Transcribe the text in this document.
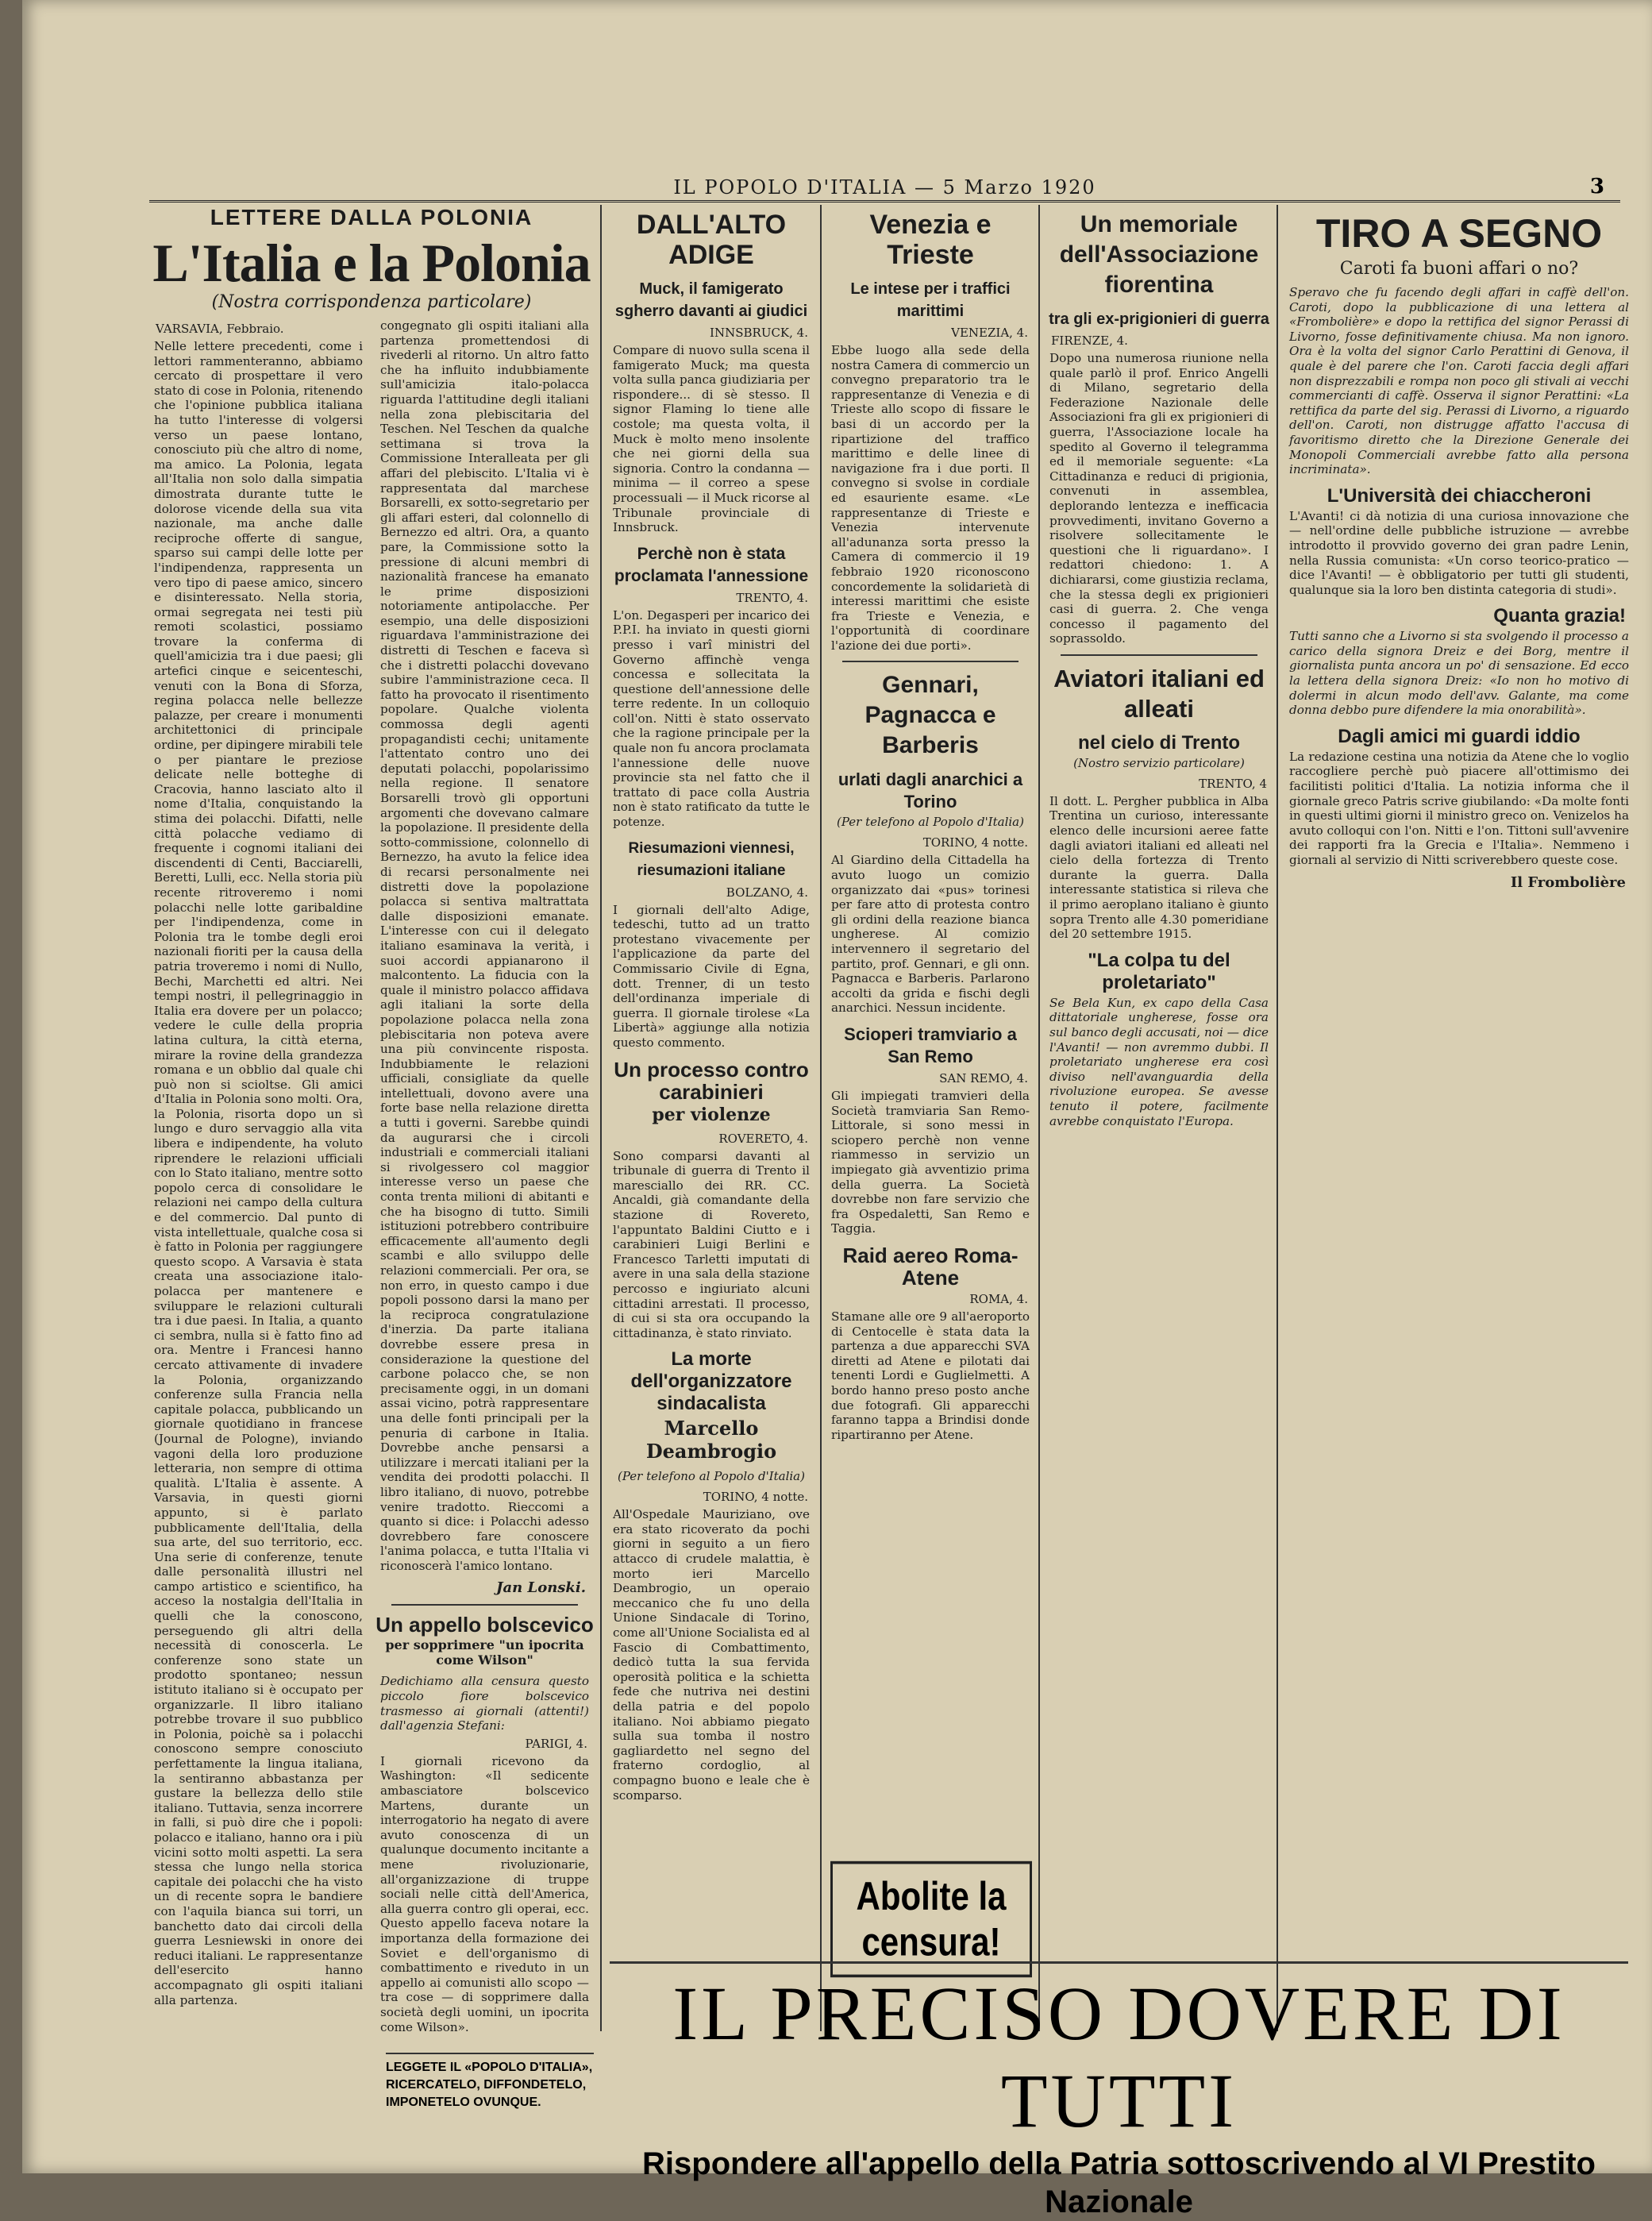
IL POPOLO D'ITALIA — 5 Marzo 1920	3
LETTERE DALLA POLONIA
L'Italia e la Polonia
(Nostra corrispondenza particolare)
VARSAVIA, Febbraio.
Nelle lettere precedenti, come i lettori rammenteranno, abbiamo cercato di prospettare il vero stato di cose in Polonia, ritenendo che l'opinione pubblica italiana ha tutto l'interesse di volgersi verso un paese lontano, conosciuto più che altro di nome, ma amico. La Polonia, legata all'Italia non solo dalla simpatia dimostrata durante tutte le dolorose vicende della sua vita nazionale, ma anche dalle reciproche offerte di sangue, sparso sui campi delle lotte per l'indipendenza, rappresenta un vero tipo di paese amico, sincero e disinteressato. Nella storia, ormai segregata nei testi più remoti scolastici, possiamo trovare la conferma di quell'amicizia tra i due paesi; gli artefici cinque e seicenteschi, venuti con la Bona di Sforza, regina polacca nelle bellezze palazze, per creare i monumenti architettonici di principale ordine, per dipingere mirabili tele o per piantare le preziose delicate nelle botteghe di Cracovia, hanno lasciato alto il nome d'Italia, conquistando la stima dei polacchi. Difatti, nelle città polacche vediamo di frequente i cognomi italiani dei discendenti di Centi, Bacciarelli, Beretti, Lulli, ecc. Nella storia più recente ritroveremo i nomi polacchi nelle lotte garibaldine per l'indipendenza, come in Polonia tra le tombe degli eroi nazionali fioriti per la causa della patria troveremo i nomi di Nullo, Bechi, Marchetti ed altri. Nei tempi nostri, il pellegrinaggio in Italia era dovere per un polacco; vedere le culle della propria latina cultura, la città eterna, mirare la rovine della grandezza romana e un obblio dal quale chi può non si scioltse. Gli amici d'Italia in Polonia sono molti. Ora, la Polonia, risorta dopo un sì lungo e duro servaggio alla vita libera e indipendente, ha voluto riprendere le relazioni ufficiali con lo Stato italiano, mentre sotto popolo cerca di consolidare le relazioni nei campo della cultura e del commercio. Dal punto di vista intellettuale, qualche cosa si è fatto in Polonia per raggiungere questo scopo. A Varsavia è stata creata una associazione italo-polacca per mantenere e sviluppare le relazioni culturali tra i due paesi. In Italia, a quanto ci sembra, nulla si è fatto fino ad ora. Mentre i Francesi hanno cercato attivamente di invadere la Polonia, organizzando conferenze sulla Francia nella capitale polacca, pubblicando un giornale quotidiano in francese (Journal de Pologne), inviando vagoni della loro produzione letteraria, non sempre di ottima qualità. L'Italia è assente. A Varsavia, in questi giorni appunto, si è parlato pubblicamente dell'Italia, della sua arte, del suo territorio, ecc. Una serie di conferenze, tenute dalle personalità illustri nel campo artistico e scientifico, ha acceso la nostalgia dell'Italia in quelli che la conoscono, perseguendo gli altri della necessità di conoscerla. Le conferenze sono state un prodotto spontaneo; nessun istituto italiano si è occupato per organizzarle. Il libro italiano potrebbe trovare il suo pubblico in Polonia, poichè sa i polacchi conoscono sempre conosciuto perfettamente la lingua italiana, la sentiranno abbastanza per gustare la bellezza dello stile italiano. Tuttavia, senza incorrere in falli, si può dire che i popoli: polacco e italiano, hanno ora i più vicini sotto molti aspetti. La sera stessa che lungo nella storica capitale dei polacchi che ha visto un di recente sopra le bandiere con l'aquila bianca sui torri, un banchetto dato dai circoli della guerra Lesniewski in onore dei reduci italiani. Le rappresentanze dell'esercito hanno accompagnato gli ospiti italiani alla partenza.
congegnato gli ospiti italiani alla partenza promettendosi di rivederli al ritorno. Un altro fatto che ha influito indubbiamente sull'amicizia italo-polacca riguarda l'attitudine degli italiani nella zona plebiscitaria del Teschen. Nel Teschen da qualche settimana si trova la Commissione Interalleata per gli affari del plebiscito. L'Italia vi è rappresentata dal marchese Borsarelli, ex sotto-segretario per gli affari esteri, dal colonnello di Bernezzo ed altri. Ora, a quanto pare, la Commissione sotto la pressione di alcuni membri di nazionalità francese ha emanato le prime disposizioni notoriamente antipolacche. Per esempio, una delle disposizioni riguardava l'amministrazione dei distretti di Teschen e faceva sì che i distretti polacchi dovevano subire l'amministrazione ceca. Il fatto ha provocato il risentimento popolare. Qualche violenta commossa degli agenti propagandisti cechi; unitamente l'attentato contro uno dei deputati polacchi, popolarissimo nella regione. Il senatore Borsarelli trovò gli opportuni argomenti che dovevano calmare la popolazione. Il presidente della sotto-commissione, colonnello di Bernezzo, ha avuto la felice idea di recarsi personalmente nei distretti dove la popolazione polacca si sentiva maltrattata dalle disposizioni emanate. L'interesse con cui il delegato italiano esaminava la verità, i suoi accordi appianarono il malcontento. La fiducia con la quale il ministro polacco affidava agli italiani la sorte della popolazione polacca nella zona plebiscitaria non poteva avere una più convincente risposta. Indubbiamente le relazioni ufficiali, consigliate da quelle intellettuali, dovono avere una forte base nella relazione diretta a tutti i governi. Sarebbe quindi da augurarsi che i circoli industriali e commerciali italiani si rivolgessero col maggior interesse verso un paese che conta trenta milioni di abitanti e che ha bisogno di tutto. Simili istituzioni potrebbero contribuire efficacemente all'aumento degli scambi e allo sviluppo delle relazioni commerciali. Per ora, se non erro, in questo campo i due popoli possono darsi la mano per la reciproca congratulazione d'inerzia. Da parte italiana dovrebbe essere presa in considerazione la questione del carbone polacco che, se non precisamente oggi, in un domani assai vicino, potrà rappresentare una delle fonti principali per la penuria di carbone in Italia. Dovrebbe anche pensarsi a utilizzare i mercati italiani per la vendita dei prodotti polacchi. Il libro italiano, di nuovo, potrebbe venire tradotto. Rieccomi a quanto si dice: i Polacchi adesso dovrebbero fare conoscere l'anima polacca, e tutta l'Italia vi riconoscerà l'amico lontano.
Jan Lonski.
Un appello bolscevico
per sopprimere "un ipocrita come Wilson"
Dedichiamo alla censura questo piccolo fiore bolscevico trasmesso ai giornali (attenti!) dall'agenzia Stefani:
PARIGI, 4.
I giornali ricevono da Washington: «Il sedicente ambasciatore bolscevico Martens, durante un interrogatorio ha negato di avere avuto conoscenza di un qualunque documento incitante a mene rivoluzionarie, all'organizzazione di truppe sociali nelle città dell'America, alla guerra contro gli operai, ecc. Questo appello faceva notare la importanza della formazione dei Soviet e dell'organismo di combattimento e riveduto in un appello ai comunisti allo scopo — tra cose — di sopprimere dalla società degli uomini, un ipocrita come Wilson».
LEGGETE IL «POPOLO D'ITALIA», RICERCATELO, DIFFONDETELO, IMPONETELO OVUNQUE.
DALL'ALTO ADIGE
Muck, il famigerato sgherro davanti ai giudici
INNSBRUCK, 4.
Compare di nuovo sulla scena il famigerato Muck; ma questa volta sulla panca giudiziaria per rispondere... di sè stesso. Il signor Flaming lo tiene alle costole; ma questa volta, il Muck è molto meno insolente che nei giorni della sua signoria. Contro la condanna — minima — il correo a spese processuali — il Muck ricorse al Tribunale provinciale di Innsbruck.
Perchè non è stata proclamata l'annessione
TRENTO, 4.
L'on. Degasperi per incarico dei P.P.I. ha inviato in questi giorni presso i varî ministri del Governo affinchè venga concessa e sollecitata la questione dell'annessione delle terre redente. In un colloquio coll'on. Nitti è stato osservato che la ragione principale per la quale non fu ancora proclamata l'annessione delle nuove provincie sta nel fatto che il trattato di pace colla Austria non è stato ratificato da tutte le potenze.
Riesumazioni viennesi, riesumazioni italiane
BOLZANO, 4.
I giornali dell'alto Adige, tedeschi, tutto ad un tratto protestano vivacemente per l'applicazione da parte del Commissario Civile di Egna, dott. Trenner, di un testo dell'ordinanza imperiale di guerra. Il giornale tirolese «La Libertà» aggiunge alla notizia questo commento.
Un processo contro carabinieri
per violenze
ROVERETO, 4.
Sono comparsi davanti al tribunale di guerra di Trento il maresciallo dei RR. CC. Ancaldi, già comandante della stazione di Rovereto, l'appuntato Baldini Ciutto e i carabinieri Luigi Berlini e Francesco Tarletti imputati di avere in una sala della stazione percosso e ingiuriato alcuni cittadini arrestati. Il processo, di cui si sta ora occupando la cittadinanza, è stato rinviato.
La morte dell'organizzatore sindacalista
Marcello Deambrogio
(Per telefono al Popolo d'Italia)
TORINO, 4 notte.
All'Ospedale Mauriziano, ove era stato ricoverato da pochi giorni in seguito a un fiero attacco di crudele malattia, è morto ieri Marcello Deambrogio, un operaio meccanico che fu uno della Unione Sindacale di Torino, come all'Unione Socialista ed al Fascio di Combattimento, dedicò tutta la sua fervida operosità politica e la schietta fede che nutriva nei destini della patria e del popolo italiano. Noi abbiamo piegato sulla sua tomba il nostro gagliardetto nel segno del fraterno cordoglio, al compagno buono e leale che è scomparso.
Venezia e Trieste
Le intese per i traffici marittimi
VENEZIA, 4.
Ebbe luogo alla sede della nostra Camera di commercio un convegno preparatorio tra le rappresentanze di Venezia e di Trieste allo scopo di fissare le basi di un accordo per la ripartizione del traffico marittimo e delle linee di navigazione fra i due porti. Il convegno si svolse in cordiale ed esauriente esame. «Le rappresentanze di Trieste e Venezia intervenute all'adunanza sorta presso la Camera di commercio il 19 febbraio 1920 riconoscono concordemente la solidarietà di interessi marittimi che esiste fra Trieste e Venezia, e l'opportunità di coordinare l'azione dei due porti».
Gennari, Pagnacca e Barberis
urlati dagli anarchici a Torino
(Per telefono al Popolo d'Italia)
TORINO, 4 notte.
Al Giardino della Cittadella ha avuto luogo un comizio organizzato dai «pus» torinesi per fare atto di protesta contro gli ordini della reazione bianca ungherese. Al comizio intervennero il segretario del partito, prof. Gennari, e gli onn. Pagnacca e Barberis. Parlarono accolti da grida e fischi degli anarchici. Nessun incidente.
Scioperi tramviario a San Remo
SAN REMO, 4.
Gli impiegati tramvieri della Società tramviaria San Remo-Littorale, si sono messi in sciopero perchè non venne riammesso in servizio un impiegato già avventizio prima della guerra. La Società dovrebbe non fare servizio che fra Ospedaletti, San Remo e Taggia.
Raid aereo Roma-Atene
ROMA, 4.
Stamane alle ore 9 all'aeroporto di Centocelle è stata data la partenza a due apparecchi SVA diretti ad Atene e pilotati dai tenenti Lordi e Guglielmetti. A bordo hanno preso posto anche due fotografi. Gli apparecchi faranno tappa a Brindisi donde ripartiranno per Atene.
Abolite la censura!
Un memoriale dell'Associazione fiorentina
tra gli ex-prigionieri di guerra
FIRENZE, 4.
Dopo una numerosa riunione nella quale parlò il prof. Enrico Angelli di Milano, segretario della Federazione Nazionale delle Associazioni fra gli ex prigionieri di guerra, l'Associazione locale ha spedito al Governo il telegramma ed il memoriale seguente: «La Cittadinanza e reduci di prigionia, convenuti in assemblea, deplorando lentezza e inefficacia provvedimenti, invitano Governo a risolvere sollecitamente le questioni che li riguardano». I redattori chiedono: 1. A dichiararsi, come giustizia reclama, che la stessa degli ex prigionieri casi di guerra. 2. Che venga concesso il pagamento del soprassoldo.
Aviatori italiani ed alleati
nel cielo di Trento
(Nostro servizio particolare)
TRENTO, 4
Il dott. L. Pergher pubblica in Alba Trentina un curioso, interessante elenco delle incursioni aeree fatte dagli aviatori italiani ed alleati nel cielo della fortezza di Trento durante la guerra. Dalla interessante statistica si rileva che il primo aeroplano italiano è giunto sopra Trento alle 4.30 pomeridiane del 20 settembre 1915.
"La colpa tu del proletariato"
Se Bela Kun, ex capo della Casa dittatoriale ungherese, fosse ora sul banco degli accusati, noi — dice l'Avanti! — non avremmo dubbi. Il proletariato ungherese era così diviso nell'avanguardia della rivoluzione europea. Se avesse tenuto il potere, facilmente avrebbe conquistato l'Europa.
TIRO A SEGNO
Caroti fa buoni affari o no?
Speravo che fu facendo degli affari in caffè dell'on. Caroti, dopo la pubblicazione di una lettera al «Frombolière» e dopo la rettifica del signor Perassi di Livorno, fosse definitivamente chiusa. Ma non ignoro. Ora è la volta del signor Carlo Perattini di Genova, il quale è del parere che l'on. Caroti faccia degli affari non disprezzabili e rompa non poco gli stivali ai vecchi commercianti di caffè. Osserva il signor Perattini: «La rettifica da parte del sig. Perassi di Livorno, a riguardo dell'on. Caroti, non distrugge affatto l'accusa di favoritismo diretto che la Direzione Generale dei Monopoli Commerciali avrebbe fatto alla persona incriminata».
L'Università dei chiaccheroni
L'Avanti! ci dà notizia di una curiosa innovazione che — nell'ordine delle pubbliche istruzione — avrebbe introdotto il provvido governo dei gran padre Lenin, nella Russia comunista: «Un corso teorico-pratico — dice l'Avanti! — è obbligatorio per tutti gli studenti, qualunque sia la loro ben distinta categoria di studi».
Quanta grazia!
Tutti sanno che a Livorno si sta svolgendo il processo a carico della signora Dreiz e dei Borg, mentre il giornalista punta ancora un po' di sensazione. Ed ecco la lettera della signora Dreiz: «Io non ho motivo di dolermi in alcun modo dell'avv. Galante, ma come donna debbo pure difendere la mia onorabilità».
Dagli amici mi guardi iddio
La redazione cestina una notizia da Atene che lo voglio raccogliere perchè può piacere all'ottimismo dei facilitisti politici d'Italia. La notizia informa che il giornale greco Patris scrive giubilando: «Da molte fonti in questi ultimi giorni il ministro greco on. Venizelos ha avuto colloqui con l'on. Nitti e l'on. Tittoni sull'avvenire dei rapporti fra la Grecia e l'Italia». Nemmeno i giornali al servizio di Nitti scriverebbero queste cose.
Il Frombolière
IL PRECISO DOVERE DI TUTTI
Rispondere all'appello della Patria sottoscrivendo al VI Prestito Nazionale
